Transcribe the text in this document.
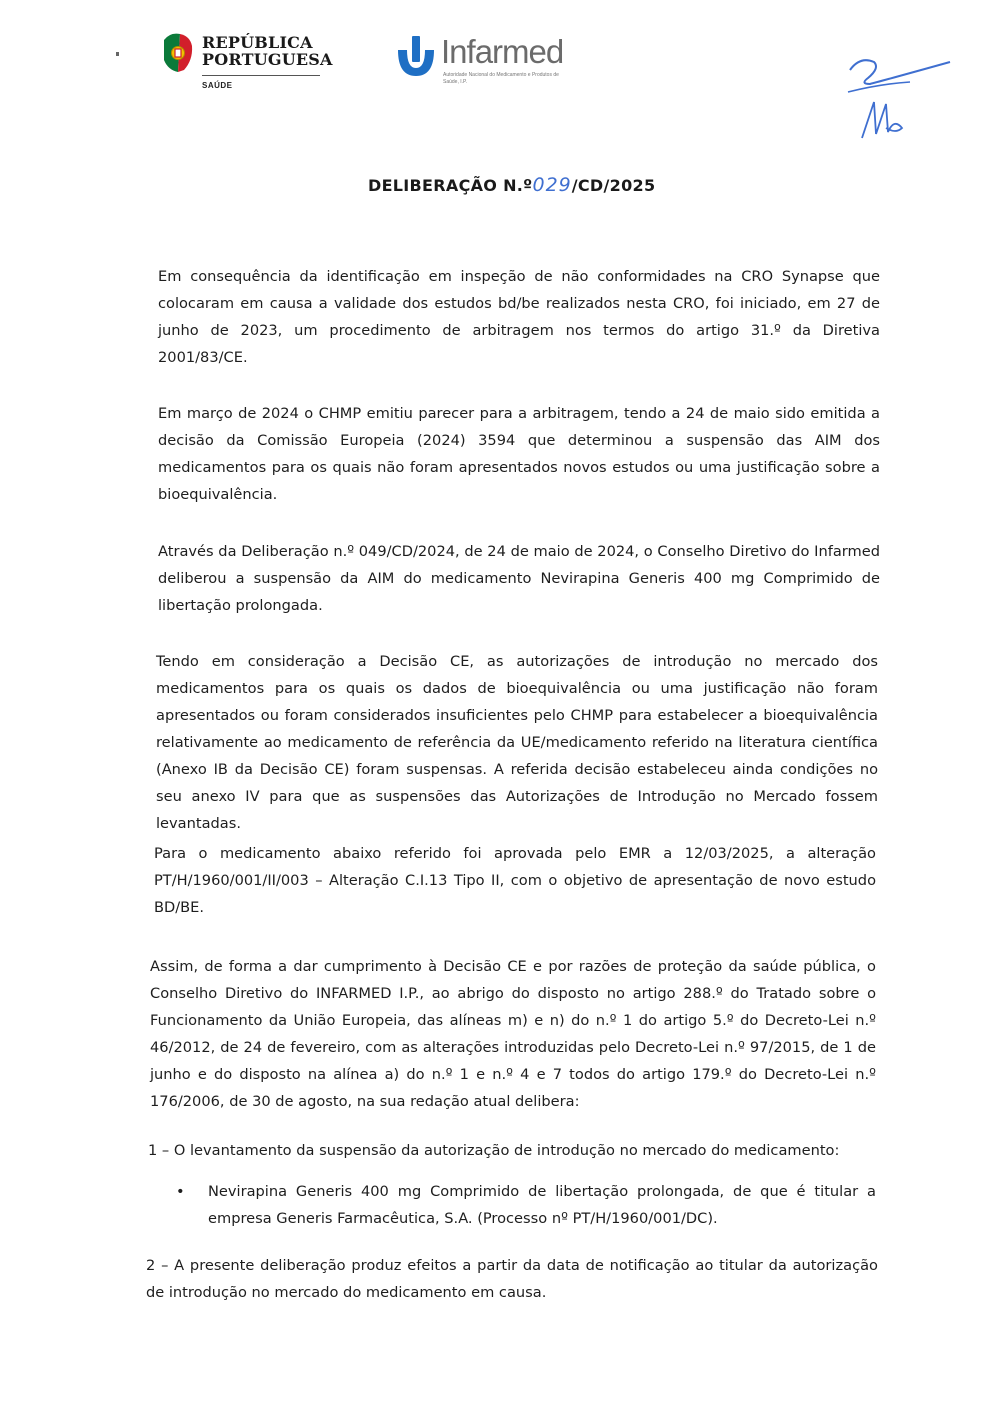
REPÚBLICA
PORTUGUESA
SAÚDE
Infarmed
Autoridade Nacional do Medicamento e Produtos de Saúde, I.P.
DELIBERAÇÃO N.º029/CD/2025
Em consequência da identificação em inspeção de não conformidades na CRO Synapse que colocaram em causa a validade dos estudos bd/be realizados nesta CRO, foi iniciado, em 27 de junho de 2023, um procedimento de arbitragem nos termos do artigo 31.º da Diretiva 2001/83/CE.
Em março de 2024 o CHMP emitiu parecer para a arbitragem, tendo a 24 de maio sido emitida a decisão da Comissão Europeia (2024) 3594 que determinou a suspensão das AIM dos medicamentos para os quais não foram apresentados novos estudos ou uma justificação sobre a bioequivalência.
Através da Deliberação n.º 049/CD/2024, de 24 de maio de 2024, o Conselho Diretivo do Infarmed deliberou a suspensão da AIM do medicamento Nevirapina Generis 400 mg Comprimido de libertação prolongada.
Tendo em consideração a Decisão CE, as autorizações de introdução no mercado dos medicamentos para os quais os dados de bioequivalência ou uma justificação não foram apresentados ou foram considerados insuficientes pelo CHMP para estabelecer a bioequivalência relativamente ao medicamento de referência da UE/medicamento referido na literatura científica (Anexo IB da Decisão CE) foram suspensas. A referida decisão estabeleceu ainda condições no seu anexo IV para que as suspensões das Autorizações de Introdução no Mercado fossem levantadas.
Para o medicamento abaixo referido foi aprovada pelo EMR a 12/03/2025, a alteração PT/H/1960/001/II/003 – Alteração C.I.13 Tipo II, com o objetivo de apresentação de novo estudo BD/BE.
Assim, de forma a dar cumprimento à Decisão CE e por razões de proteção da saúde pública, o Conselho Diretivo do INFARMED I.P., ao abrigo do disposto no artigo 288.º do Tratado sobre o Funcionamento da União Europeia, das alíneas m) e n) do n.º 1 do artigo 5.º do Decreto-Lei n.º 46/2012, de 24 de fevereiro, com as alterações introduzidas pelo Decreto-Lei n.º 97/2015, de 1 de junho e do disposto na alínea a) do n.º 1 e n.º 4 e 7 todos do artigo 179.º do Decreto-Lei n.º 176/2006, de 30 de agosto, na sua redação atual delibera:
1 – O levantamento da suspensão da autorização de introdução no mercado do medicamento:
• Nevirapina Generis 400 mg Comprimido de libertação prolongada, de que é titular a empresa Generis Farmacêutica, S.A. (Processo nº PT/H/1960/001/DC).
2 – A presente deliberação produz efeitos a partir da data de notificação ao titular da autorização de introdução no mercado do medicamento em causa.
